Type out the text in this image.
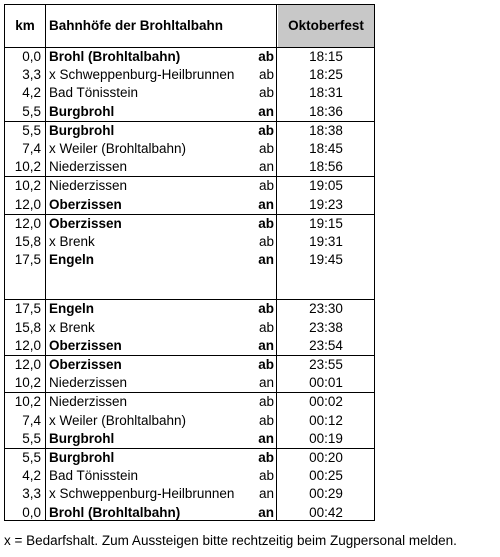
km	Bahnhöfe der Brohltalbahn	Oktoberfest
0,0 Brohl (Brohltalbahn)	ab	18:15
3,3 x Schweppenburg-Heilbrunnen	ab	18:25
4,2 Bad Tönisstein	ab	18:31
5,5 Burgbrohl	an	18:36
5,5 Burgbrohl	ab	18:38
7,4 x Weiler (Brohltalbahn)	ab	18:45
10,2 Niederzissen	an	18:56
10,2 Niederzissen	ab	19:05
12,0 Oberzissen	an	19:23
12,0 Oberzissen	ab	19:15
15,8 x Brenk	ab	19:31
17,5 Engeln	an	19:45
17,5 Engeln	ab	23:30
15,8 x Brenk	ab	23:38
12,0 Oberzissen	an	23:54
12,0 Oberzissen	ab	23:55
10,2 Niederzissen	an	00:01
10,2 Niederzissen	ab	00:02
7,4 x Weiler (Brohltalbahn)	ab	00:12
5,5 Burgbrohl	an	00:19
5,5 Burgbrohl	ab	00:20
4,2 Bad Tönisstein	ab	00:25
3,3 x Schweppenburg-Heilbrunnen	an	00:29
0,0 Brohl (Brohltalbahn)	an	00:42
x = Bedarfshalt. Zum Aussteigen bitte rechtzeitig beim Zugpersonal melden.
